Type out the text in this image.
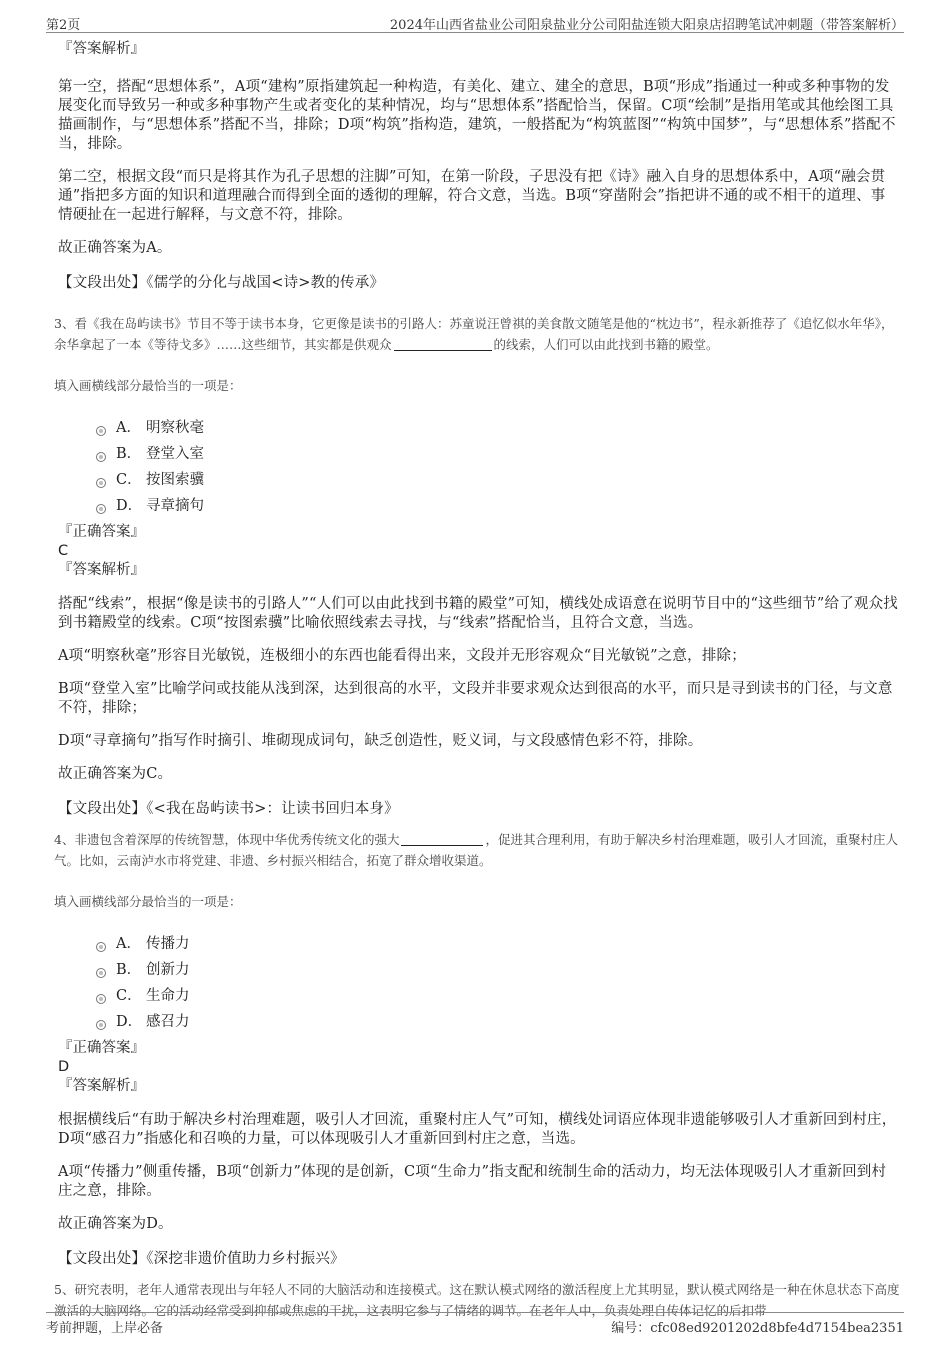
第2页	2024年山西省盐业公司阳泉盐业分公司阳盐连锁大阳泉店招聘笔试冲刺题（带答案解析）

『答案解析』

第一空，搭配“思想体系”，A项“建构”原指建筑起一种构造，有美化、建立、建全的意思，B项“形成”指通过一种或多种事物的发展变化而导致另一种或多种事物产生或者变化的某种情况，均与“思想体系”搭配恰当，保留。C项“绘制”是指用笔或其他绘图工具描画制作，与“思想体系”搭配不当，排除；D项“构筑”指构造，建筑，一般搭配为“构筑蓝图”“构筑中国梦”，与“思想体系”搭配不当，排除。

第二空，根据文段“而只是将其作为孔子思想的注脚”可知，在第一阶段，子思没有把《诗》融入自身的思想体系中，A项“融会贯通”指把多方面的知识和道理融合而得到全面的透彻的理解，符合文意，当选。B项“穿凿附会”指把讲不通的或不相干的道理、事情硬扯在一起进行解释，与文意不符，排除。

故正确答案为A。

【文段出处】《儒学的分化与战国<诗>教的传承》

3、看《我在岛屿读书》节目不等于读书本身，它更像是读书的引路人：苏童说汪曾祺的美食散文随笔是他的“枕边书”，程永新推荐了《追忆似水年华》，余华拿起了一本《等待戈多》……这些细节，其实都是供观众	的线索，人们可以由此找到书籍的殿堂。

填入画横线部分最恰当的一项是：

A． 明察秋毫
B． 登堂入室
C． 按图索骥
D． 寻章摘句

『正确答案』

C

『答案解析』

搭配“线索”，根据“像是读书的引路人”“人们可以由此找到书籍的殿堂”可知，横线处成语意在说明节目中的“这些细节”给了观众找到书籍殿堂的线索。C项“按图索骥”比喻依照线索去寻找，与“线索”搭配恰当，且符合文意，当选。

A项“明察秋毫”形容目光敏锐，连极细小的东西也能看得出来，文段并无形容观众“目光敏锐”之意，排除；

B项“登堂入室”比喻学问或技能从浅到深，达到很高的水平，文段并非要求观众达到很高的水平，而只是寻到读书的门径，与文意不符，排除；

D项“寻章摘句”指写作时摘引、堆砌现成词句，缺乏创造性，贬义词，与文段感情色彩不符，排除。

故正确答案为C。

【文段出处】《<我在岛屿读书>：让读书回归本身》

4、非遗包含着深厚的传统智慧，体现中华优秀传统文化的强大	，促进其合理利用，有助于解决乡村治理难题，吸引人才回流，重聚村庄人气。比如，云南泸水市将党建、非遗、乡村振兴相结合，拓宽了群众增收渠道。

填入画横线部分最恰当的一项是：

A． 传播力
B． 创新力
C． 生命力
D． 感召力

『正确答案』

D

『答案解析』

根据横线后“有助于解决乡村治理难题，吸引人才回流，重聚村庄人气”可知，横线处词语应体现非遗能够吸引人才重新回到村庄，D项“感召力”指感化和召唤的力量，可以体现吸引人才重新回到村庄之意，当选。

A项“传播力”侧重传播，B项“创新力”体现的是创新，C项“生命力”指支配和统制生命的活动力，均无法体现吸引人才重新回到村庄之意，排除。

故正确答案为D。

【文段出处】《深挖非遗价值助力乡村振兴》

5、研究表明，老年人通常表现出与年轻人不同的大脑活动和连接模式。这在默认模式网络的激活程度上尤其明显，默认模式网络是一种在休息状态下高度激活的大脑网络。它的活动经常受到抑郁或焦虑的干扰，这表明它参与了情绪的调节。在老年人中，负责处理自传体记忆的后扣带

考前押题，上岸必备	编号：cfc08ed9201202d8bfe4d7154bea2351
